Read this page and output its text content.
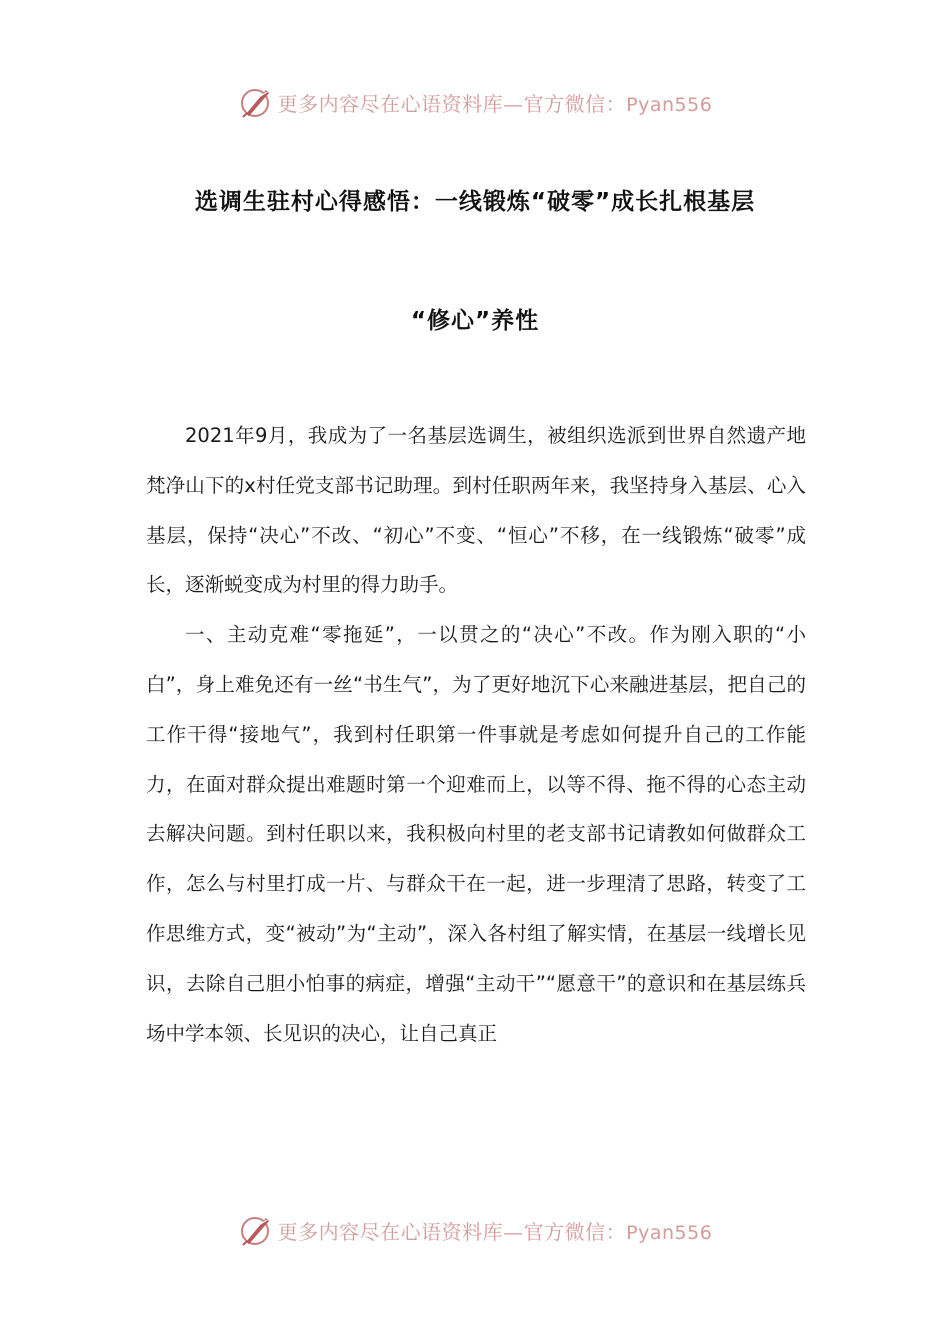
更多内容尽在心语资料库—官方微信：Pyan556
选调生驻村心得感悟：一线锻炼“破零”成长扎根基层
“修心”养性

2021年9月，我成为了一名基层选调生，被组织选派到世界自然遗产地梵净山下的x村任党支部书记助理。到村任职两年来，我坚持身入基层、心入基层，保持“决心”不改、“初心”不变、“恒心”不移，在一线锻炼“破零”成长，逐渐蜕变成为村里的得力助手。

一、主动克难“零拖延”，一以贯之的“决心”不改。作为刚入职的“小白”，身上难免还有一丝“书生气”，为了更好地沉下心来融进基层，把自己的工作干得“接地气”，我到村任职第一件事就是考虑如何提升自己的工作能力，在面对群众提出难题时第一个迎难而上，以等不得、拖不得的心态主动去解决问题。到村任职以来，我积极向村里的老支部书记请教如何做群众工作，怎么与村里打成一片、与群众干在一起，进一步理清了思路，转变了工作思维方式，变“被动”为“主动”，深入各村组了解实情，在基层一线增长见识，去除自己胆小怕事的病症，增强“主动干”“愿意干”的意识和在基层练兵场中学本领、长见识的决心，让自己真正

更多内容尽在心语资料库—官方微信：Pyan556
